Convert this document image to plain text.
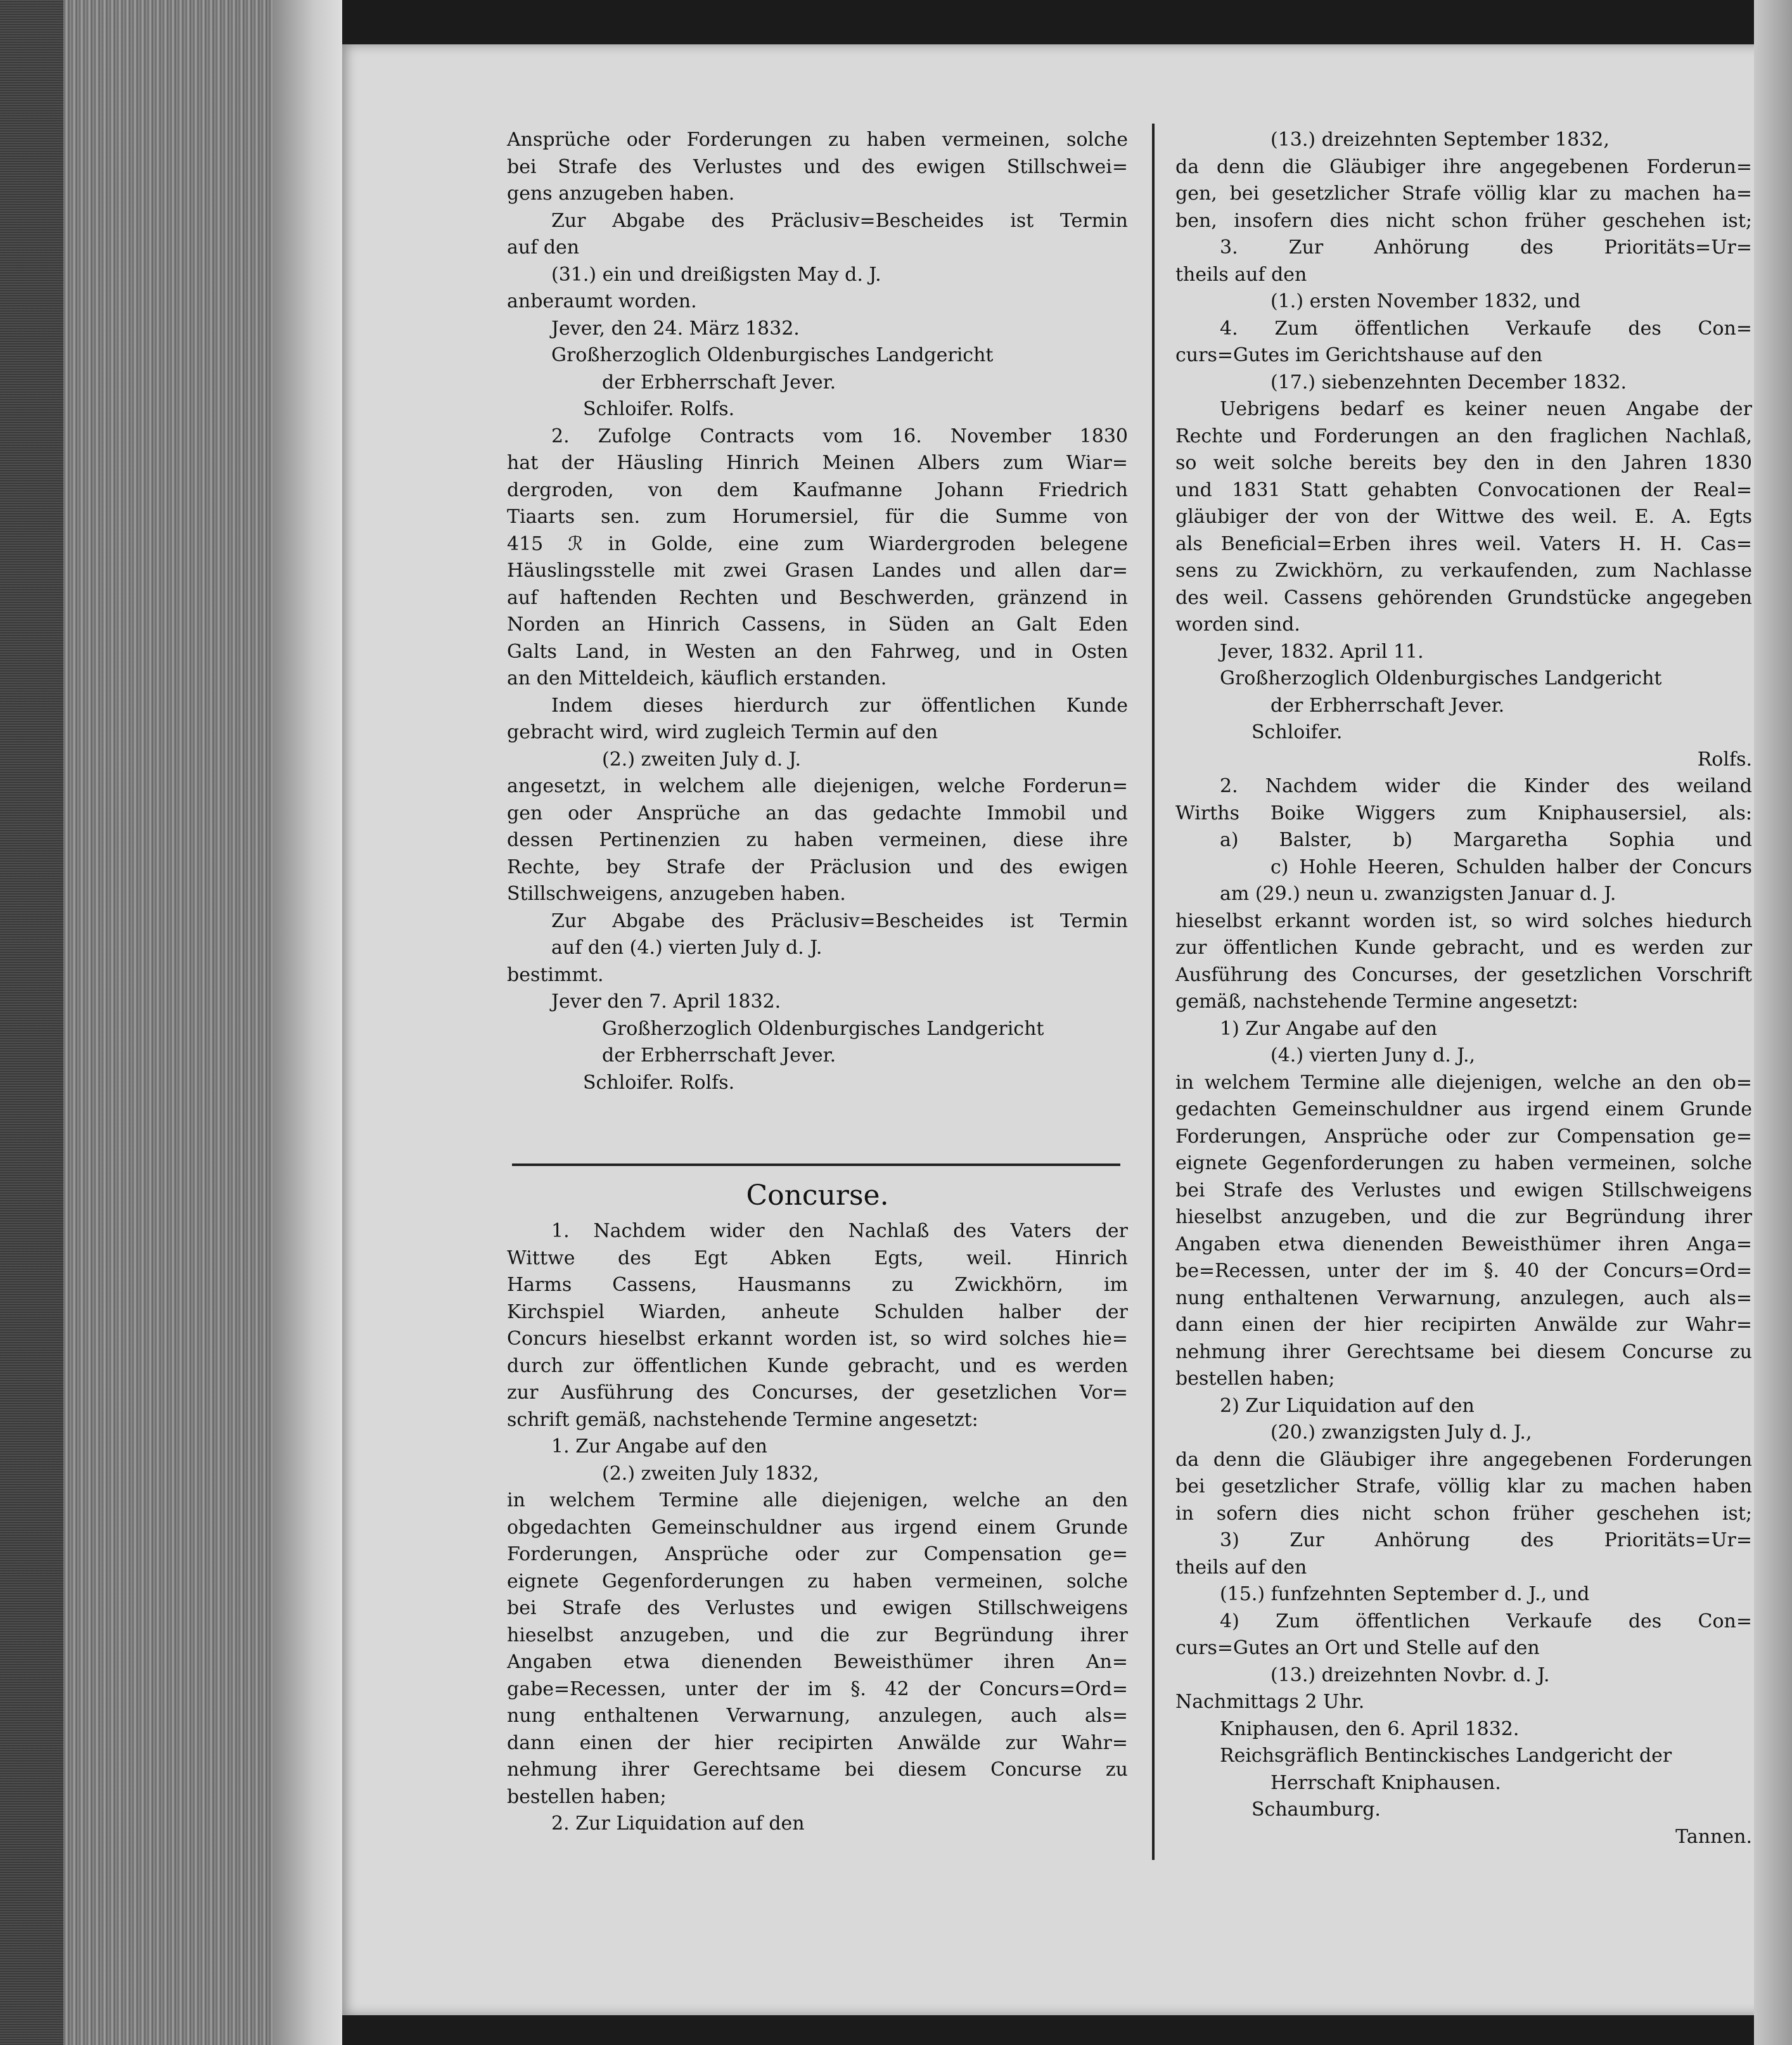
Ansprüche oder Forderungen zu haben vermeinen, solche

bei Strafe des Verlustes und des ewigen Stillschwei=

gens anzugeben haben.

Zur Abgabe des Präclusiv=Bescheides ist Termin

auf den

(31.) ein und dreißigsten May d. J.

anberaumt worden.

Jever, den 24. März 1832.

Großherzoglich Oldenburgisches Landgericht

der Erbherrschaft Jever.

Schloifer. Rolfs.

2. Zufolge Contracts vom 16. November 1830

hat der Häusling Hinrich Meinen Albers zum Wiar=

dergroden, von dem Kaufmanne Johann Friedrich

Tiaarts sen. zum Horumersiel, für die Summe von

415 ℛ in Golde, eine zum Wiardergroden belegene

Häuslingsstelle mit zwei Grasen Landes und allen dar=

auf haftenden Rechten und Beschwerden, gränzend in

Norden an Hinrich Cassens, in Süden an Galt Eden

Galts Land, in Westen an den Fahrweg, und in Osten

an den Mitteldeich, käuflich erstanden.

Indem dieses hierdurch zur öffentlichen Kunde

gebracht wird, wird zugleich Termin auf den

(2.) zweiten July d. J.

angesetzt, in welchem alle diejenigen, welche Forderun=

gen oder Ansprüche an das gedachte Immobil und

dessen Pertinenzien zu haben vermeinen, diese ihre

Rechte, bey Strafe der Präclusion und des ewigen

Stillschweigens, anzugeben haben.

Zur Abgabe des Präclusiv=Bescheides ist Termin

auf den (4.) vierten July d. J.

bestimmt.

Jever den 7. April 1832.

Großherzoglich Oldenburgisches Landgericht

der Erbherrschaft Jever.

Schloifer. Rolfs.

Concurse.

1. Nachdem wider den Nachlaß des Vaters der

Wittwe des Egt Abken Egts, weil. Hinrich

Harms Cassens, Hausmanns zu Zwickhörn, im

Kirchspiel Wiarden, anheute Schulden halber der

Concurs hieselbst erkannt worden ist, so wird solches hie=

durch zur öffentlichen Kunde gebracht, und es werden

zur Ausführung des Concurses, der gesetzlichen Vor=

schrift gemäß, nachstehende Termine angesetzt:

1. Zur Angabe auf den

(2.) zweiten July 1832,

in welchem Termine alle diejenigen, welche an den

obgedachten Gemeinschuldner aus irgend einem Grunde

Forderungen, Ansprüche oder zur Compensation ge=

eignete Gegenforderungen zu haben vermeinen, solche

bei Strafe des Verlustes und ewigen Stillschweigens

hieselbst anzugeben, und die zur Begründung ihrer

Angaben etwa dienenden Beweisthümer ihren An=

gabe=Recessen, unter der im §. 42 der Concurs=Ord=

nung enthaltenen Verwarnung, anzulegen, auch als=

dann einen der hier recipirten Anwälde zur Wahr=

nehmung ihrer Gerechtsame bei diesem Concurse zu

bestellen haben;

2. Zur Liquidation auf den

(13.) dreizehnten September 1832,

da denn die Gläubiger ihre angegebenen Forderun=

gen, bei gesetzlicher Strafe völlig klar zu machen ha=

ben, insofern dies nicht schon früher geschehen ist;

3. Zur Anhörung des Prioritäts=Ur=

theils auf den

(1.) ersten November 1832, und

4. Zum öffentlichen Verkaufe des Con=

curs=Gutes im Gerichtshause auf den

(17.) siebenzehnten December 1832.

Uebrigens bedarf es keiner neuen Angabe der

Rechte und Forderungen an den fraglichen Nachlaß,

so weit solche bereits bey den in den Jahren 1830

und 1831 Statt gehabten Convocationen der Real=

gläubiger der von der Wittwe des weil. E. A. Egts

als Beneficial=Erben ihres weil. Vaters H. H. Cas=

sens zu Zwickhörn, zu verkaufenden, zum Nachlasse

des weil. Cassens gehörenden Grundstücke angegeben

worden sind.

Jever, 1832. April 11.

Großherzoglich Oldenburgisches Landgericht

der Erbherrschaft Jever.

Schloifer.

Rolfs.

2. Nachdem wider die Kinder des weiland

Wirths Boike Wiggers zum Kniphausersiel, als:

a) Balster, b) Margaretha Sophia und

c) Hohle Heeren, Schulden halber der Concurs

am (29.) neun u. zwanzigsten Januar d. J.

hieselbst erkannt worden ist, so wird solches hiedurch

zur öffentlichen Kunde gebracht, und es werden zur

Ausführung des Concurses, der gesetzlichen Vorschrift

gemäß, nachstehende Termine angesetzt:

1) Zur Angabe auf den

(4.) vierten Juny d. J.,

in welchem Termine alle diejenigen, welche an den ob=

gedachten Gemeinschuldner aus irgend einem Grunde

Forderungen, Ansprüche oder zur Compensation ge=

eignete Gegenforderungen zu haben vermeinen, solche

bei Strafe des Verlustes und ewigen Stillschweigens

hieselbst anzugeben, und die zur Begründung ihrer

Angaben etwa dienenden Beweisthümer ihren Anga=

be=Recessen, unter der im §. 40 der Concurs=Ord=

nung enthaltenen Verwarnung, anzulegen, auch als=

dann einen der hier recipirten Anwälde zur Wahr=

nehmung ihrer Gerechtsame bei diesem Concurse zu

bestellen haben;

2) Zur Liquidation auf den

(20.) zwanzigsten July d. J.,

da denn die Gläubiger ihre angegebenen Forderungen

bei gesetzlicher Strafe, völlig klar zu machen haben

in sofern dies nicht schon früher geschehen ist;

3) Zur Anhörung des Prioritäts=Ur=

theils auf den

(15.) funfzehnten September d. J., und

4) Zum öffentlichen Verkaufe des Con=

curs=Gutes an Ort und Stelle auf den

(13.) dreizehnten Novbr. d. J.

Nachmittags 2 Uhr.

Kniphausen, den 6. April 1832.

Reichsgräflich Bentinckisches Landgericht der

Herrschaft Kniphausen.

Schaumburg.

Tannen.
